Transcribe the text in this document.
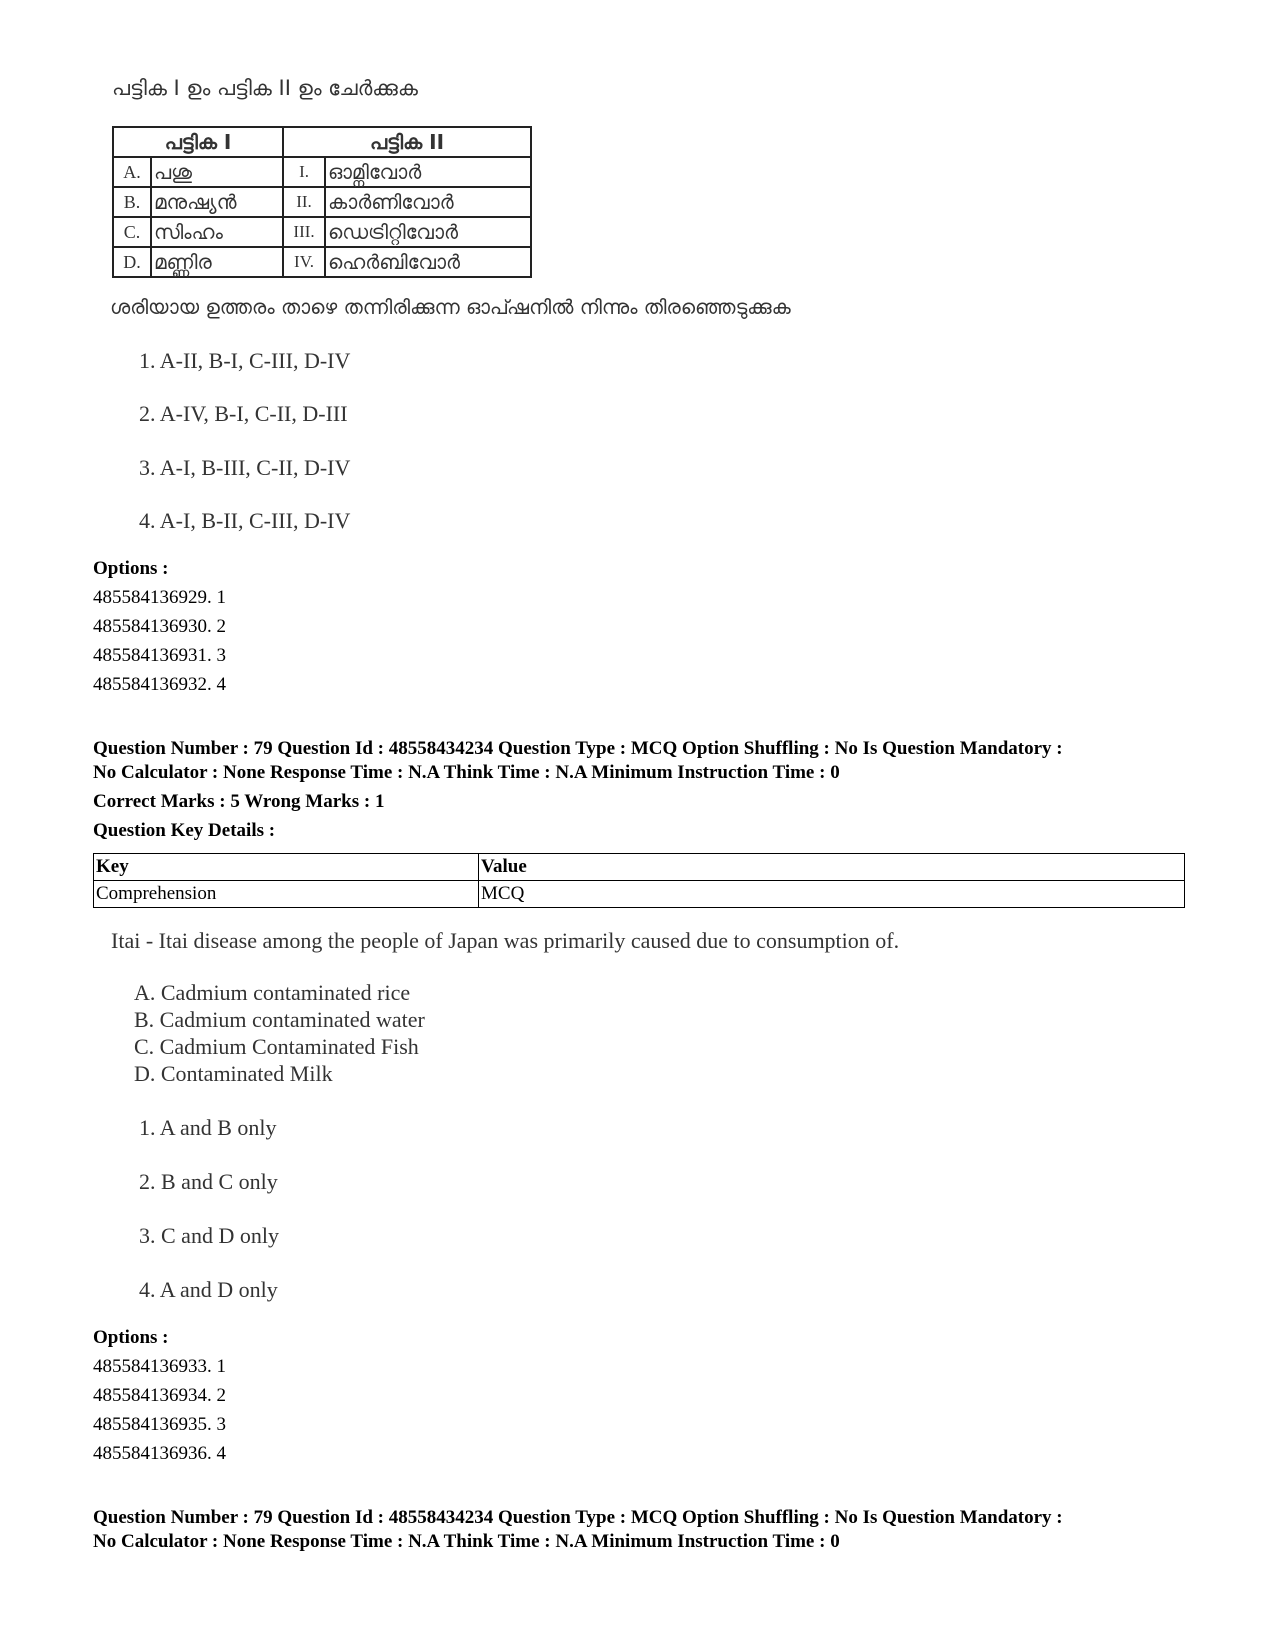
പട്ടിക I ഉം പട്ടിക II ഉം ചേർക്കുക
പട്ടിക I		പട്ടിക II	
A.	പശു	I.	ഓമ്നിവോർ
B.	മനുഷ്യൻ	II.	കാർണിവോർ
C.	സിംഹം	III.	ഡെട്രിറ്റിവോർ
D.	മണ്ണിര	IV.	ഹെർബിവോർ
ശരിയായ ഉത്തരം താഴെ തന്നിരിക്കുന്ന ഓപ്ഷനിൽ നിന്നും തിരഞ്ഞെടുക്കുക
1. A-II, B-I, C-III, D-IV
2. A-IV, B-I, C-II, D-III
3. A-I, B-III, C-II, D-IV
4. A-I, B-II, C-III, D-IV
Options :
485584136929. 1
485584136930. 2
485584136931. 3
485584136932. 4
Question Number : 79 Question Id : 48558434234 Question Type : MCQ Option Shuffling : No Is Question Mandatory :
No Calculator : None Response Time : N.A Think Time : N.A Minimum Instruction Time : 0
Correct Marks : 5 Wrong Marks : 1
Question Key Details :
Key	Value
Comprehension	MCQ
Itai - Itai disease among the people of Japan was primarily caused due to consumption of.
A. Cadmium contaminated rice
B. Cadmium contaminated water
C. Cadmium Contaminated Fish
D. Contaminated Milk
1. A and B only
2. B and C only
3. C and D only
4. A and D only
Options :
485584136933. 1
485584136934. 2
485584136935. 3
485584136936. 4
Question Number : 79 Question Id : 48558434234 Question Type : MCQ Option Shuffling : No Is Question Mandatory :
No Calculator : None Response Time : N.A Think Time : N.A Minimum Instruction Time : 0
